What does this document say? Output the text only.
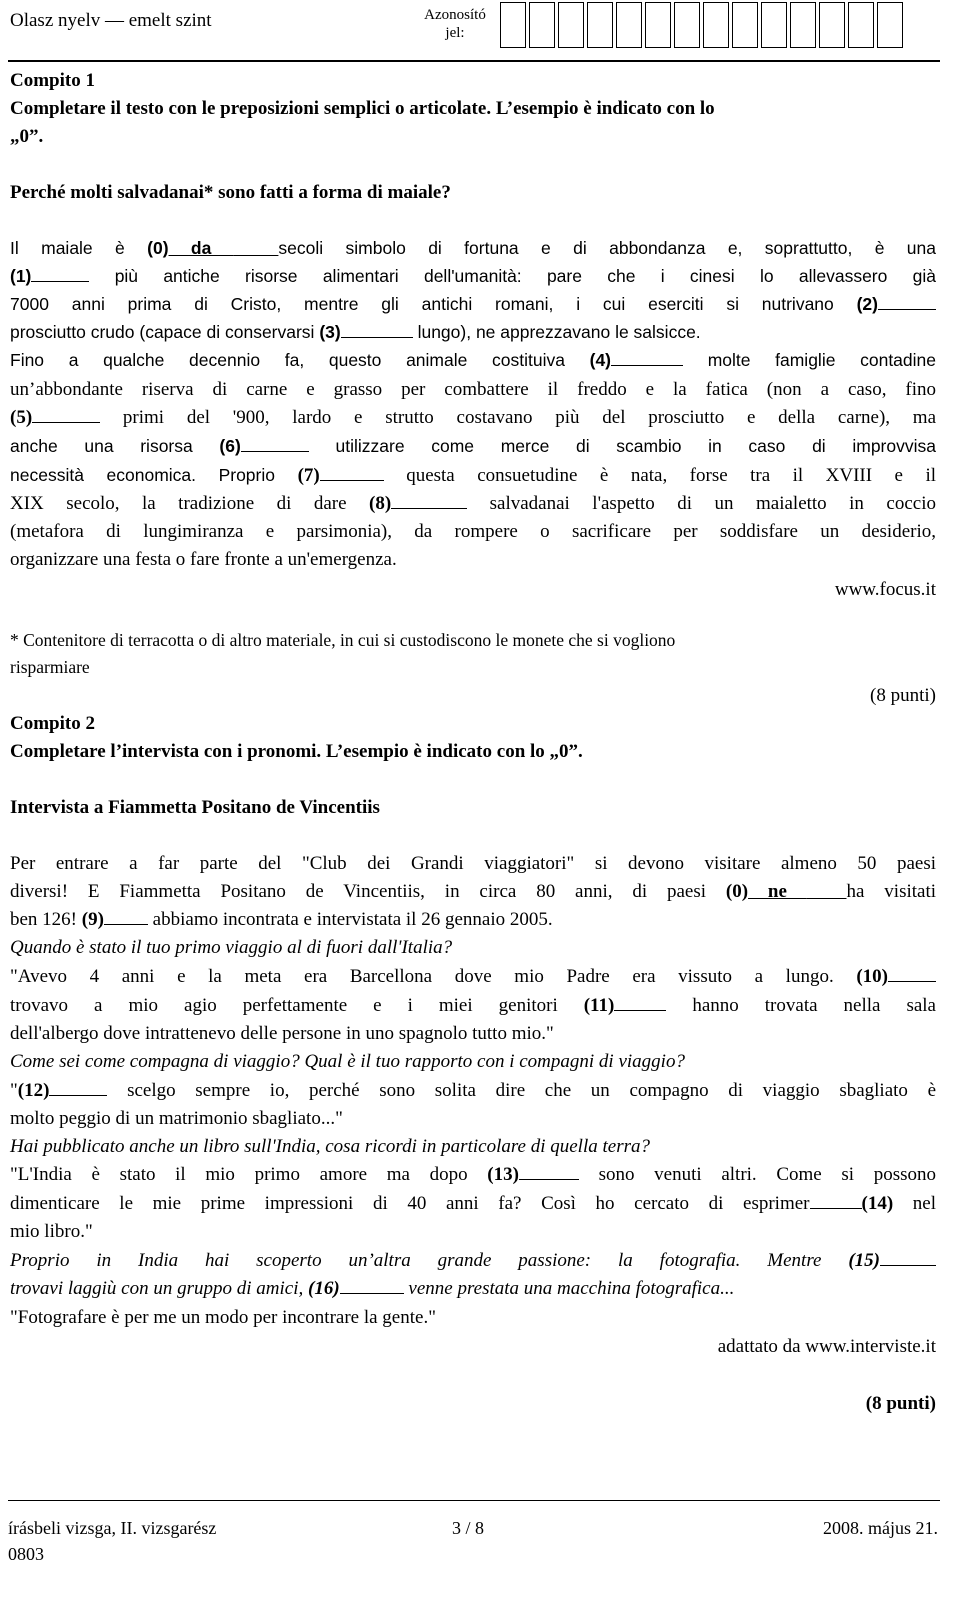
Olasz nyelv — emelt szint	Azonosító
jel:
Compito 1
Completare il testo con le preposizioni semplici o articolate. L’esempio è indicato con lo
„0”.
Perché molti salvadanai* sono fatti a forma di maiale?
Il maiale è (0) da	secoli simbolo di fortuna e di abbondanza e, soprattutto, è una
(1)	più antiche risorse alimentari dell'umanità: pare che i cinesi lo allevassero già
7000 anni prima di Cristo, mentre gli antichi romani, i cui eserciti si nutrivano (2)
prosciutto crudo (capace di conservarsi (3)	lungo), ne apprezzavano le salsicce.
Fino a qualche decennio fa, questo animale costituiva (4)	molte famiglie contadine
un’abbondante riserva di carne e grasso per combattere il freddo e la fatica (non a caso, fino
(5)	primi del '900, lardo e strutto costavano più del prosciutto e della carne), ma
anche una risorsa (6)	utilizzare come merce di scambio in caso di improvvisa
necessità economica. Proprio (7)	questa consuetudine è nata, forse tra il XVIII e il
XIX secolo, la tradizione di dare (8)	salvadanai l'aspetto di un maialetto in coccio
(metafora di lungimiranza e parsimonia), da rompere o sacrificare per soddisfare un desiderio,
organizzare una festa o fare fronte a un'emergenza.
www.focus.it
* Contenitore di terracotta o di altro materiale, in cui si custodiscono le monete che si vogliono
risparmiare
(8 punti)
Compito 2
Completare l’intervista con i pronomi. L’esempio è indicato con lo „0”.
Intervista a Fiammetta Positano de Vincentiis
Per entrare a far parte del "Club dei Grandi viaggiatori" si devono visitare almeno 50 paesi
diversi! E Fiammetta Positano de Vincentiis, in circa 80 anni, di paesi (0) ne   ha visitati
ben 126! (9)	abbiamo incontrata e intervistata il 26 gennaio 2005.
Quando è stato il tuo primo viaggio al di fuori dall'Italia?
"Avevo 4 anni e la meta era Barcellona dove mio Padre era vissuto a lungo. (10)
trovavo a mio agio perfettamente e i miei genitori (11)	hanno trovata nella sala
dell'albergo dove intrattenevo delle persone in uno spagnolo tutto mio."
Come sei come compagna di viaggio? Qual è il tuo rapporto con i compagni di viaggio?
"(12)	scelgo sempre io, perché sono solita dire che un compagno di viaggio sbagliato è
molto peggio di un matrimonio sbagliato..."
Hai pubblicato anche un libro sull'India, cosa ricordi in particolare di quella terra?
"L'India è stato il mio primo amore ma dopo (13)	sono venuti altri. Come si possono
dimenticare le mie prime impressioni di 40 anni fa? Così ho cercato di esprimer	(14) nel
mio libro."
Proprio in India hai scoperto un’altra grande passione: la fotografia. Mentre (15)
trovavi laggiù con un gruppo di amici, (16)	venne prestata una macchina fotografica...
"Fotografare è per me un modo per incontrare la gente."
adattato da www.interviste.it
(8 punti)
írásbeli vizsga, II. vizsgarész	3 / 8	2008. május 21.
0803
